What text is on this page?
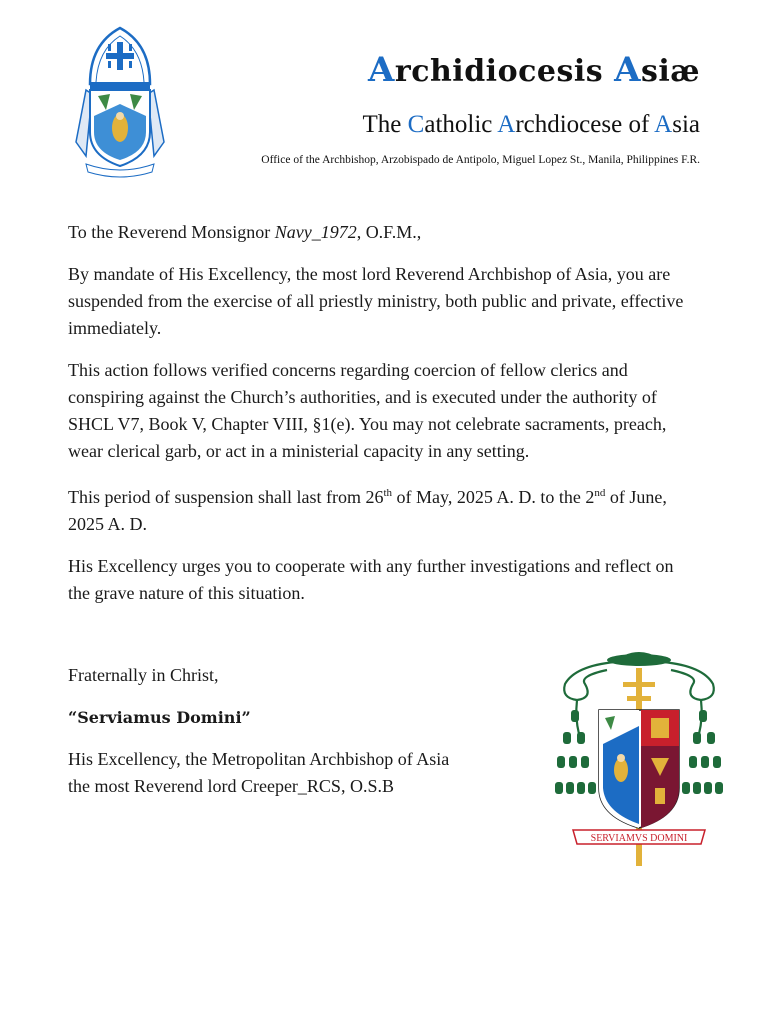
Archidiocesis Asiæ
The Catholic Archdiocese of Asia
Office of the Archbishop, Arzobispado de Antipolo, Miguel Lopez St., Manila, Philippines F.R.

To the Reverend Monsignor Navy_1972, O.F.M.,

By mandate of His Excellency, the most lord Reverend Archbishop of Asia, you are suspended from the exercise of all priestly ministry, both public and private, effective immediately.

This action follows verified concerns regarding coercion of fellow clerics and conspiring against the Church’s authorities, and is executed under the authority of SHCL V7, Book V, Chapter VIII, §1(e). You may not celebrate sacraments, preach, wear clerical garb, or act in a ministerial capacity in any setting.

This period of suspension shall last from 26th of May, 2025 A. D. to the 2nd of June, 2025 A. D.

His Excellency urges you to cooperate with any further investigations and reflect on the grave nature of this situation.

Fraternally in Christ,

“Serviamus Domini”

His Excellency, the Metropolitan Archbishop of Asia
the most Reverend lord Creeper_RCS, O.S.B

SERVIAMVS DOMINI
